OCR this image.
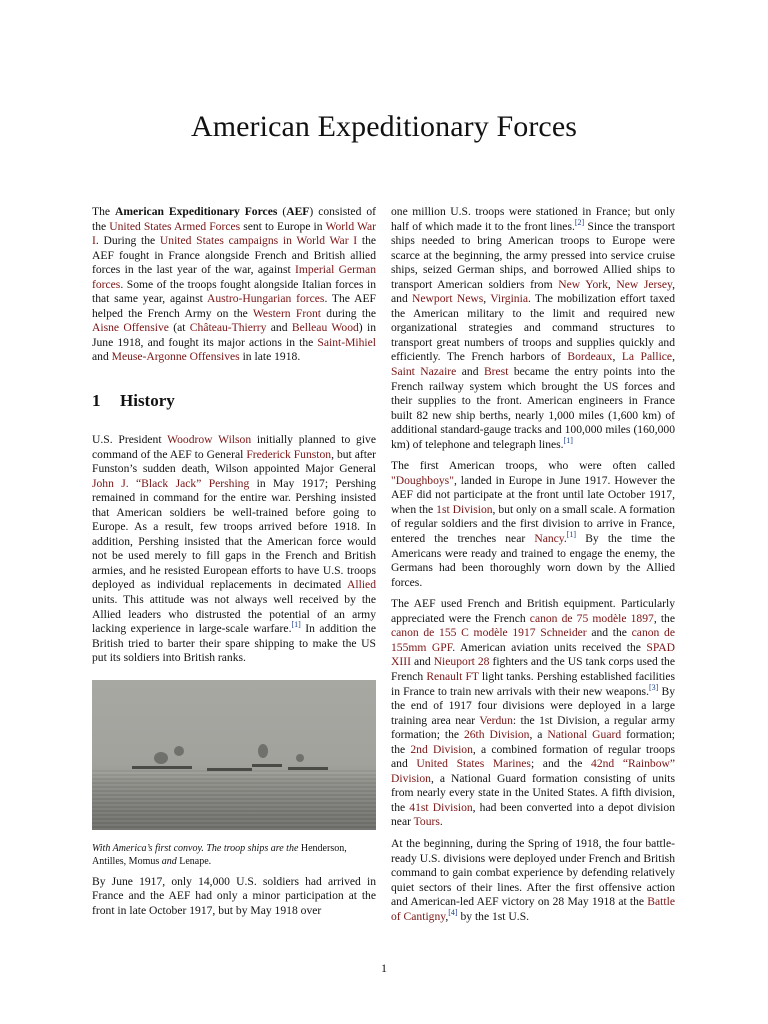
American Expeditionary Forces

The American Expeditionary Forces (AEF) consisted of the United States Armed Forces sent to Europe in World War I. During the United States campaigns in World War I the AEF fought in France alongside French and British allied forces in the last year of the war, against Imperial German forces. Some of the troops fought alongside Italian forces in that same year, against Austro-Hungarian forces. The AEF helped the French Army on the Western Front during the Aisne Offensive (at Château-Thierry and Belleau Wood) in June 1918, and fought its major actions in the Saint-Mihiel and Meuse-Argonne Offensives in late 1918.

1 History

U.S. President Woodrow Wilson initially planned to give command of the AEF to General Frederick Funston, but after Funston’s sudden death, Wilson appointed Major General John J. “Black Jack” Pershing in May 1917; Pershing remained in command for the entire war. Pershing insisted that American soldiers be well-trained before going to Europe. As a result, few troops arrived before 1918. In addition, Pershing insisted that the American force would not be used merely to fill gaps in the French and British armies, and he resisted European efforts to have U.S. troops deployed as individual replacements in decimated Allied units. This attitude was not always well received by the Allied leaders who distrusted the potential of an army lacking experience in large-scale warfare.[1] In addition the British tried to barter their spare shipping to make the US put its soldiers into British ranks.

With America’s first convoy. The troop ships are the Henderson, Antilles, Momus and Lenape.

By June 1917, only 14,000 U.S. soldiers had arrived in France and the AEF had only a minor participation at the front in late October 1917, but by May 1918 over

one million U.S. troops were stationed in France; but only half of which made it to the front lines.[2] Since the transport ships needed to bring American troops to Europe were scarce at the beginning, the army pressed into service cruise ships, seized German ships, and borrowed Allied ships to transport American soldiers from New York, New Jersey, and Newport News, Virginia. The mobilization effort taxed the American military to the limit and required new organizational strategies and command structures to transport great numbers of troops and supplies quickly and efficiently. The French harbors of Bordeaux, La Pallice, Saint Nazaire and Brest became the entry points into the French railway system which brought the US forces and their supplies to the front. American engineers in France built 82 new ship berths, nearly 1,000 miles (1,600 km) of additional standard-gauge tracks and 100,000 miles (160,000 km) of telephone and telegraph lines.[1]

The first American troops, who were often called "Doughboys", landed in Europe in June 1917. However the AEF did not participate at the front until late October 1917, when the 1st Division, but only on a small scale. A formation of regular soldiers and the first division to arrive in France, entered the trenches near Nancy.[1] By the time the Americans were ready and trained to engage the enemy, the Germans had been thoroughly worn down by the Allied forces.

The AEF used French and British equipment. Particularly appreciated were the French canon de 75 modèle 1897, the canon de 155 C modèle 1917 Schneider and the canon de 155mm GPF. American aviation units received the SPAD XIII and Nieuport 28 fighters and the US tank corps used the French Renault FT light tanks. Pershing established facilities in France to train new arrivals with their new weapons.[3] By the end of 1917 four divisions were deployed in a large training area near Verdun: the 1st Division, a regular army formation; the 26th Division, a National Guard formation; the 2nd Division, a combined formation of regular troops and United States Marines; and the 42nd “Rainbow” Division, a National Guard formation consisting of units from nearly every state in the United States. A fifth division, the 41st Division, had been converted into a depot division near Tours.

At the beginning, during the Spring of 1918, the four battle-ready U.S. divisions were deployed under French and British command to gain combat experience by defending relatively quiet sectors of their lines. After the first offensive action and American-led AEF victory on 28 May 1918 at the Battle of Cantigny,[4] by the 1st U.S.

1
